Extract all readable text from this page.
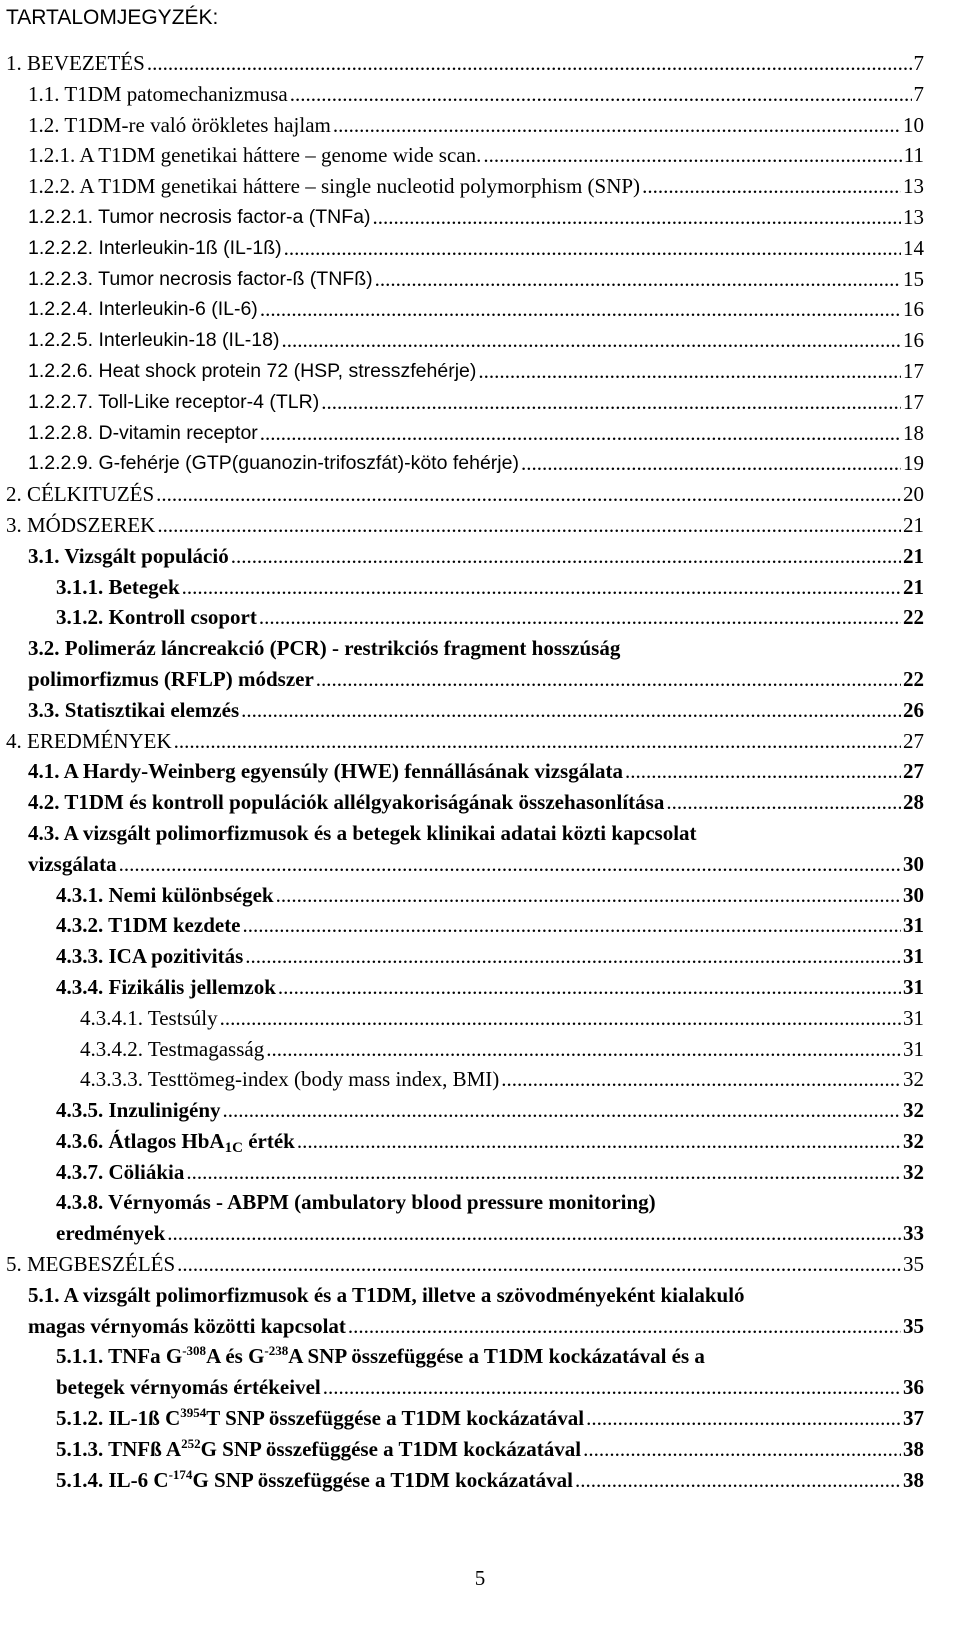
TARTALOMJEGYZÉK:
1. BEVEZETÉS .....	7
1.1. T1DM patomechanizmusa .....	7
1.2. T1DM-re való örökletes hajlam .....	10
1.2.1. A T1DM genetikai háttere – genome wide scan. .....	11
1.2.2. A T1DM genetikai háttere – single nucleotid polymorphism (SNP) .....	13
1.2.2.1. Tumor necrosis factor-a (TNFa) .....	13
1.2.2.2. Interleukin-1ß (IL-1ß) .....	14
1.2.2.3. Tumor necrosis factor-ß (TNFß) .....	15
1.2.2.4. Interleukin-6 (IL-6) .....	16
1.2.2.5. Interleukin-18 (IL-18) .....	16
1.2.2.6. Heat shock protein 72 (HSP, stresszfehérje) .....	17
1.2.2.7. Toll-Like receptor-4 (TLR) .....	17
1.2.2.8. D-vitamin receptor .....	18
1.2.2.9. G-fehérje (GTP(guanozin-trifoszfát)-köto fehérje) .....	19
2. CÉLKITUZÉS .....	20
3. MÓDSZEREK .....	21
3.1. Vizsgált populáció .....	21
3.1.1. Betegek .....	21
3.1.2. Kontroll csoport .....	22
3.2. Polimeráz láncreakció (PCR) - restrikciós fragment hosszúság
polimorfizmus (RFLP) módszer .....	22
3.3. Statisztikai elemzés .....	26
4. EREDMÉNYEK .....	27
4.1. A Hardy-Weinberg egyensúly (HWE) fennállásának vizsgálata .....	27
4.2. T1DM és kontroll populációk allélgyakoriságának összehasonlítása .....	28
4.3. A vizsgált polimorfizmusok és a betegek klinikai adatai közti kapcsolat
vizsgálata .....	30
4.3.1. Nemi különbségek .....	30
4.3.2. T1DM kezdete .....	31
4.3.3. ICA pozitivitás .....	31
4.3.4. Fizikális jellemzok .....	31
4.3.4.1. Testsúly .....	31
4.3.4.2. Testmagasság .....	31
4.3.3.3. Testtömeg-index (body mass index, BMI) .....	32
4.3.5. Inzulinigény .....	32
4.3.6. Átlagos HbA$_{1C}$ érték .....	32
4.3.7. Cöliákia .....	32
4.3.8. Vérnyomás - ABPM (ambulatory blood pressure monitoring)
eredmények .....	33
5. MEGBESZÉLÉS .....	35
5.1. A vizsgált polimorfizmusok és a T1DM, illetve a szövodményeként kialakuló
magas vérnyomás közötti kapcsolat .....	35
5.1.1. TNFa $G^{-308}A$ és $G^{-238}A$ SNP összefüggése a T1DM kockázatával és a
betegek vérnyomás értékeivel .....	36
5.1.2. IL-1ß $C^{3954}T$ SNP összefüggése a T1DM kockázatával .....	37
5.1.3. TNFß $A^{252}G$ SNP összefüggése a T1DM kockázatával .....	38
5.1.4. IL-6 $C^{-174}G$ SNP összefüggése a T1DM kockázatával .....	38
5
